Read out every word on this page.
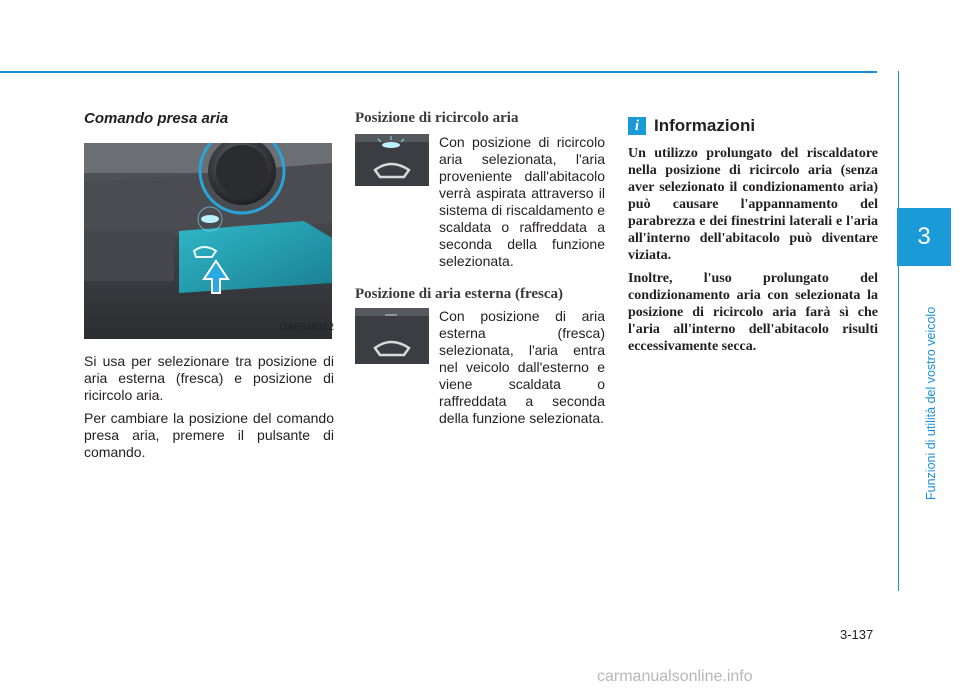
3
Funzioni di utilità del vostro veicolo
Comando presa aria
OAE046312

Si usa per selezionare tra posizione di aria esterna (fresca) e posizione di ricircolo aria.

Per cambiare la posizione del comando presa aria, premere il pulsante di comando.

Posizione di ricircolo aria
Con posizione di ricircolo aria selezionata, l'aria proveniente dall'abitacolo verrà aspirata attraverso il sistema di riscaldamento e scaldata o raffreddata a seconda della funzione selezionata.
Posizione di aria esterna (fresca)
Con posizione di aria esterna (fresca) selezionata, l'aria entra nel veicolo dall'esterno e viene scaldata o raffreddata a seconda della funzione selezionata.
i Informazioni

Un utilizzo prolungato del riscaldatore nella posizione di ricircolo aria (senza aver selezionato il condizionamento aria) può causare l'appannamento del parabrezza e dei finestrini laterali e l'aria all'interno dell'abitacolo può diventare viziata.

Inoltre, l'uso prolungato del condizionamento aria con selezionata la posizione di ricircolo aria farà sì che l'aria all'interno dell'abitacolo risulti eccessivamente secca.

3-137
carmanualsonline.info
